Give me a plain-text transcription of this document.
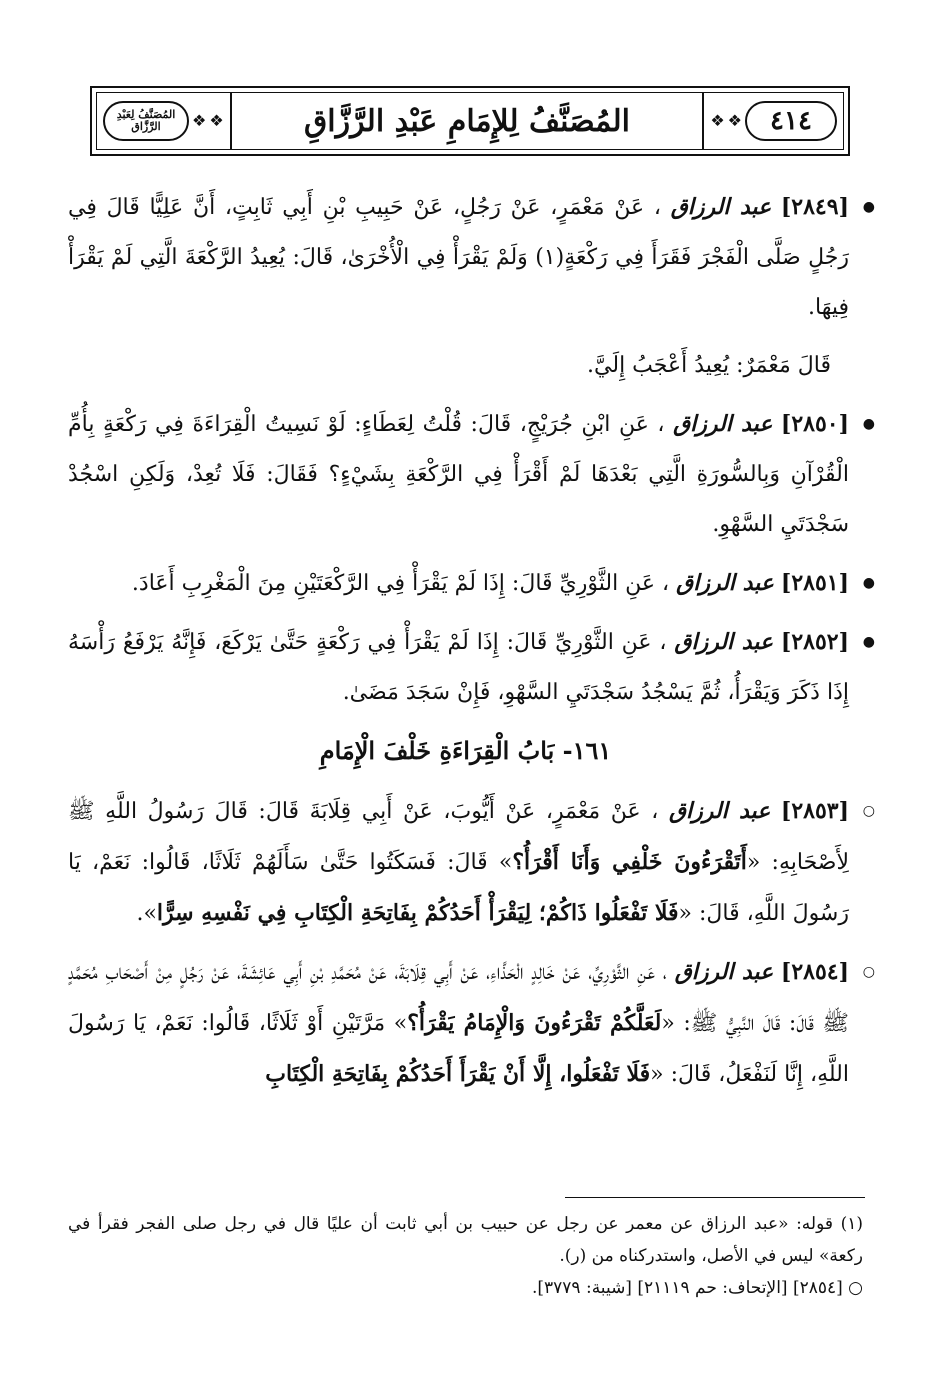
المُصَنَّفُ لِعَبْدِ الرَّزَّاق	❖ ❖	المُصَنَّفُ لِلإِمَامِ عَبْدِ الرَّزَّاقِ	❖ ❖	٤١٤

●
[٢٨٤٩] عبد الرزاق ، عَنْ مَعْمَرٍ، عَنْ رَجُلٍ، عَنْ حَبِيبِ بْنِ أَبِي ثَابِتٍ، أَنَّ عَلِيًّا قَالَ فِي رَجُلٍ صَلَّى الْفَجْرَ فَقَرَأَ فِي رَكْعَةٍ(١) وَلَمْ يَقْرَأْ فِي الْأُخْرَىٰ، قَالَ: يُعِيدُ الرَّكْعَةَ الَّتِي لَمْ يَقْرَأْ فِيهَا.

قَالَ مَعْمَرٌ: يُعِيدُ أَعْجَبُ إِلَيَّ.

●
[٢٨٥٠] عبد الرزاق ، عَنِ ابْنِ جُرَيْجٍ، قَالَ: قُلْتُ لِعَطَاءٍ: لَوْ نَسِيتُ الْقِرَاءَةَ فِي رَكْعَةٍ بِأُمِّ الْقُرْآنِ وَبِالسُّورَةِ الَّتِي بَعْدَهَا لَمْ أَقْرَأْ فِي الرَّكْعَةِ بِشَيْءٍ؟ فَقَالَ: فَلَا تُعِدْ، وَلَكِنِ اسْجُدْ سَجْدَتَيِ السَّهْوِ.

●
[٢٨٥١] عبد الرزاق ، عَنِ الثَّوْرِيِّ قَالَ: إِذَا لَمْ يَقْرَأْ فِي الرَّكْعَتَيْنِ مِنَ الْمَغْرِبِ أَعَادَ.

●
[٢٨٥٢] عبد الرزاق ، عَنِ الثَّوْرِيِّ قَالَ: إِذَا لَمْ يَقْرَأْ فِي رَكْعَةٍ حَتَّىٰ يَرْكَعَ، فَإِنَّهُ يَرْفَعُ رَأْسَهُ إِذَا ذَكَرَ وَيَقْرَأُ، ثُمَّ يَسْجُدُ سَجْدَتَيِ السَّهْوِ، فَإِنْ سَجَدَ مَضَىٰ.

١٦١- بَابُ الْقِرَاءَةِ خَلْفَ الْإِمَامِ

○
[٢٨٥٣] عبد الرزاق ، عَنْ مَعْمَرٍ، عَنْ أَيُّوبَ، عَنْ أَبِي قِلَابَةَ قَالَ: قَالَ رَسُولُ اللَّهِ ﷺ لِأَصْحَابِهِ: «أَتَقْرَءُونَ خَلْفِي وَأَنَا أَقْرَأُ؟» قَالَ: فَسَكَتُوا حَتَّىٰ سَأَلَهُمْ ثَلَاثًا، قَالُوا: نَعَمْ، يَا رَسُولَ اللَّهِ، قَالَ: «فَلَا تَفْعَلُوا ذَاكُمْ؛ لِيَقْرَأْ أَحَدُكُمْ بِفَاتِحَةِ الْكِتَابِ فِي نَفْسِهِ سِرًّا».

○
[٢٨٥٤] عبد الرزاق ، عَنِ الثَّوْرِيِّ، عَنْ خَالِدٍ الْحَذَّاءِ، عَنْ أَبِي قِلَابَةَ، عَنْ مُحَمَّدِ بْنِ أَبِي عَائِشَةَ، عَنْ رَجُلٍ مِنْ أَصْحَابِ مُحَمَّدٍ ﷺ قَالَ: قَالَ النَّبِيُّ ﷺ: «لَعَلَّكُمْ تَقْرَءُونَ وَالْإِمَامُ يَقْرَأُ؟» مَرَّتَيْنِ أَوْ ثَلَاثًا، قَالُوا: نَعَمْ، يَا رَسُولَ اللَّهِ، إِنَّا لَنَفْعَلُ، قَالَ: «فَلَا تَفْعَلُوا، إِلَّا أَنْ يَقْرَأَ أَحَدُكُمْ بِفَاتِحَةِ الْكِتَابِ

(١) قوله: «عبد الرزاق عن معمر عن رجل عن حبيب بن أبي ثابت أن عليًا قال في رجل صلى الفجر فقرأ في ركعة» ليس في الأصل، واستدركناه من (ر).

○ [٢٨٥٤] [الإتحاف: حم ٢١١١٩] [شيبة: ٣٧٧٩].
